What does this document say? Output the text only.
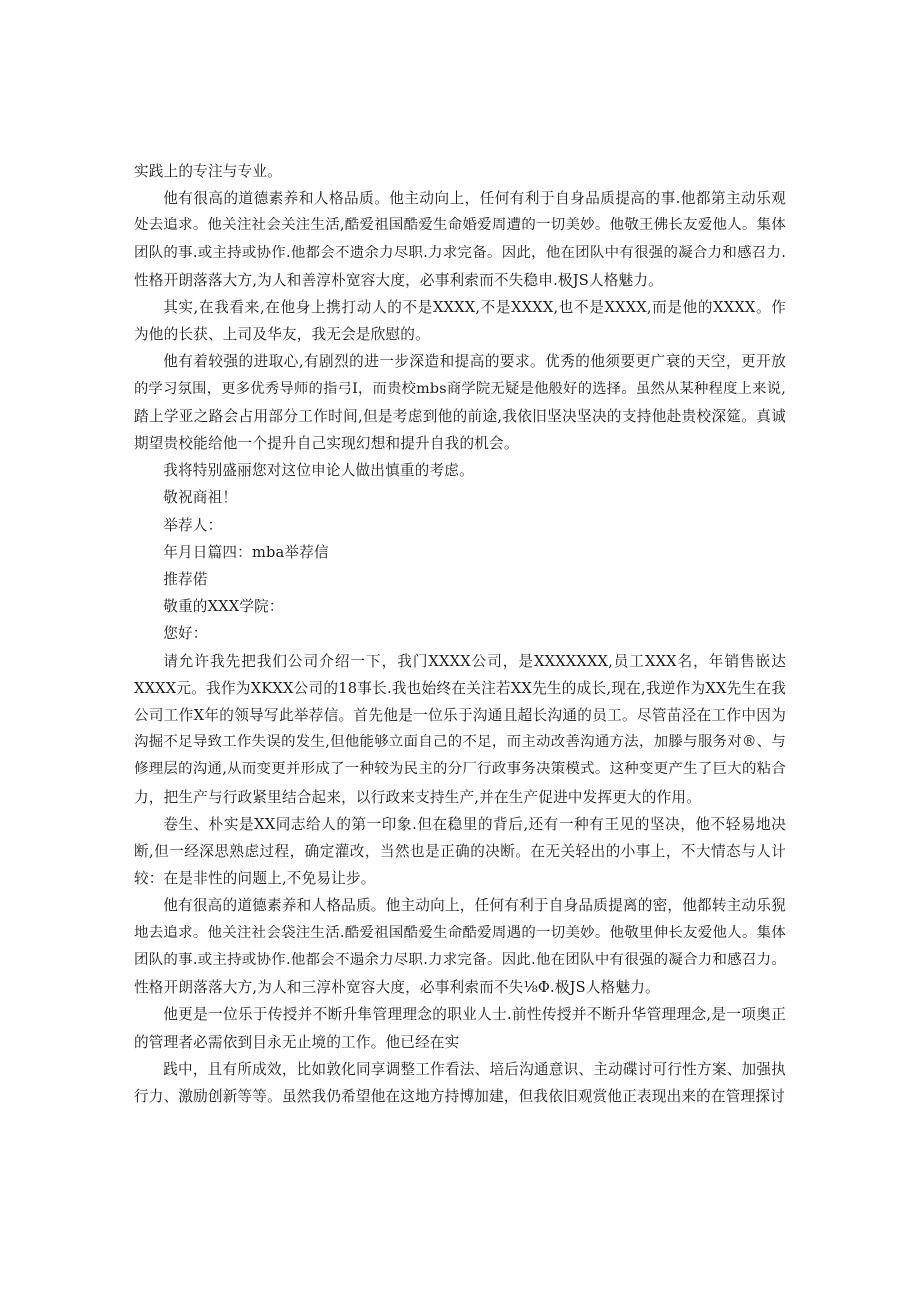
实践上的专注与专业。
他有很高的道德素养和人格品质。他主动向上，任何有利于自身品质提高的事.他都第主动乐观
处去追求。他关注社会关注生活,酷爱祖国酷爱生命婚爱周遭的一切美妙。他敬王佛长友爱他人。集体
团队的事.或主持或协作.他都会不遗余力尽职.力求完备。因此，他在团队中有很强的凝合力和感召力.
性格开朗落落大方,为人和善淳朴宽容大度，必事利索而不失稳申.极JS人格魅力。
其实,在我看来,在他身上携打动人的不是XXXX,不是XXXX,也不是XXXX,而是他的XXXX。作
为他的长获、上司及华友，我无会是欣慰的。
他有着较强的进取心,有剧烈的进一步深造和提高的要求。优秀的他须要更广衰的天空，更开放
的学习氛围，更多优秀导师的指弓I，而贵校mbs商学院无疑是他般好的选择。虽然从某种程度上来说,
踏上学亚之路会占用部分工作时间,但是考虑到他的前途,我依旧坚决坚决的支持他赴贵校深筵。真诚
期望贵校能给他一个提升自己实现幻想和提升自我的机会。
我将特别盛丽您对这位申论人做出慎重的考虑。
敬祝商祖！
举荐人：
年月日篇四：mba举荐信
推荐偌
敬重的XXX学院：
您好：
请允许我先把我们公司介绍一下，我门XXXX公司，是XXXXXXX,员工XXX名，年销售嵌达
XXXX元。我作为XKXX公司的18事长.我也始终在关注若XX先生的成长,现在,我逆作为XX先生在我
公司工作X年的领导写此举荐信。首先他是一位乐于沟通且超长沟通的员工。尽管苗泾在工作中因为
沟掘不足导致工作失误的发生,但他能够立面自己的不足，而主动改善沟通方法，加滕与服务对®、与
修理层的沟通,从而变更并形成了一种较为民主的分厂行政事务决策模式。这种变更产生了巨大的粘合
力，把生产与行政紧里结合起来，以行政来支持生产,并在生产促进中发挥更大的作用。
卷生、朴实是XX同志给人的第一印象.但在稳里的背后,还有一种有王见的坚决，他不轻易地决
断,但一经深思熟虑过程，确定灌改，当然也是正确的决断。在无关轻出的小事上，不大情态与人计
较：在是非性的问题上,不免易让步。
他有很高的道德素养和人格品质。他主动向上，任何有利于自身品质提离的密，他都转主动乐猊
地去追求。他关注社会袋注生活.酷爱祖国酷爱生命酷爱周遇的一切美妙。他敬里伸长友爱他人。集体
团队的事.或主持或协作.他都会不遢余力尽职.力求完备。因此.他在团队中有很强的凝合力和感召力。
性格开朗落落大方,为人和三淳朴宽容大度，必事利索而不失⅛Φ.极JS人格魅力。
他更是一位乐于传授并不断升隼管理理念的职业人士.前性传授并不断升华管理理念,是一项奥正
的管理者必需依到目永无止境的工作。他已经在实
践中，且有所成效，比如敦化同享调整工作看法、培后沟通意识、主动碟讨可行性方案、加强执
行力、激励创新等等。虽然我仍希望他在这地方持博加建，但我依旧观赏他正表现出来的在管理探讨
